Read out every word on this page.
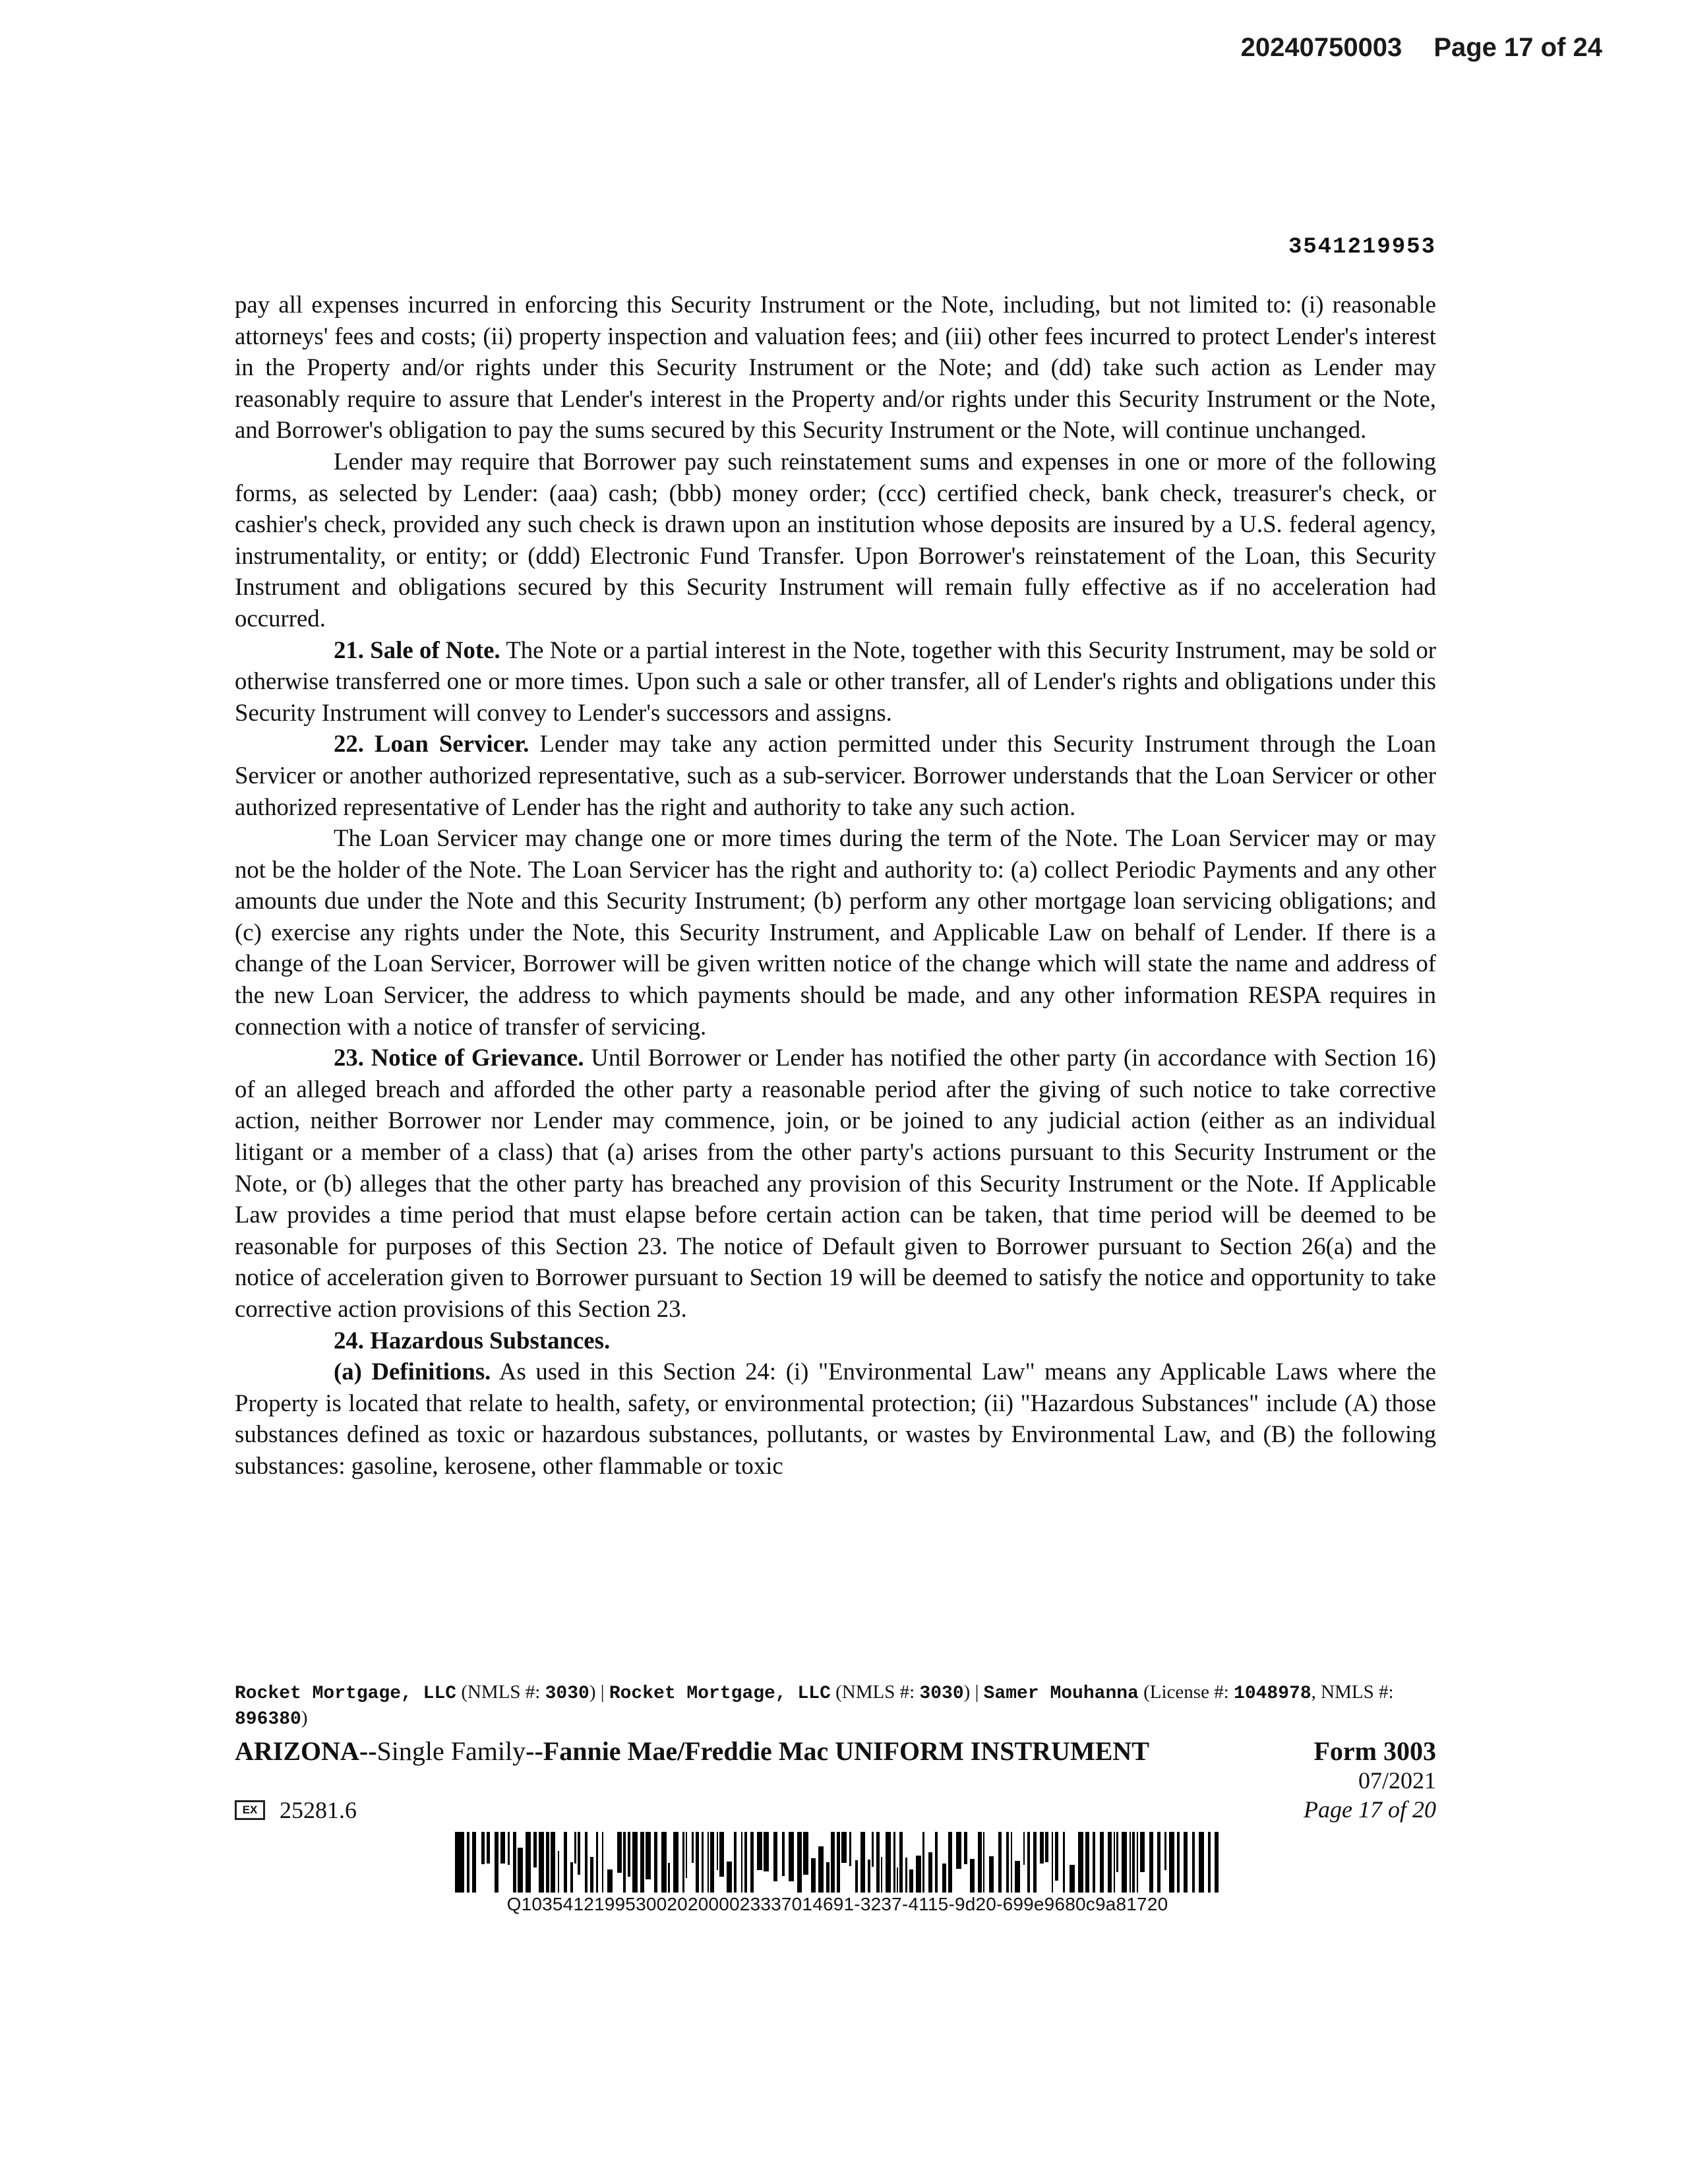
20240750003 Page 17 of 24
3541219953

pay all expenses incurred in enforcing this Security Instrument or the Note, including, but not limited to: (i) reasonable attorneys' fees and costs; (ii) property inspection and valuation fees; and (iii) other fees incurred to protect Lender's interest in the Property and/or rights under this Security Instrument or the Note; and (dd) take such action as Lender may reasonably require to assure that Lender's interest in the Property and/or rights under this Security Instrument or the Note, and Borrower's obligation to pay the sums secured by this Security Instrument or the Note, will continue unchanged.

Lender may require that Borrower pay such reinstatement sums and expenses in one or more of the following forms, as selected by Lender: (aaa) cash; (bbb) money order; (ccc) certified check, bank check, treasurer's check, or cashier's check, provided any such check is drawn upon an institution whose deposits are insured by a U.S. federal agency, instrumentality, or entity; or (ddd) Electronic Fund Transfer. Upon Borrower's reinstatement of the Loan, this Security Instrument and obligations secured by this Security Instrument will remain fully effective as if no acceleration had occurred.

21. Sale of Note. The Note or a partial interest in the Note, together with this Security Instrument, may be sold or otherwise transferred one or more times. Upon such a sale or other transfer, all of Lender's rights and obligations under this Security Instrument will convey to Lender's successors and assigns.

22. Loan Servicer. Lender may take any action permitted under this Security Instrument through the Loan Servicer or another authorized representative, such as a sub-servicer. Borrower understands that the Loan Servicer or other authorized representative of Lender has the right and authority to take any such action.

The Loan Servicer may change one or more times during the term of the Note. The Loan Servicer may or may not be the holder of the Note. The Loan Servicer has the right and authority to: (a) collect Periodic Payments and any other amounts due under the Note and this Security Instrument; (b) perform any other mortgage loan servicing obligations; and (c) exercise any rights under the Note, this Security Instrument, and Applicable Law on behalf of Lender. If there is a change of the Loan Servicer, Borrower will be given written notice of the change which will state the name and address of the new Loan Servicer, the address to which payments should be made, and any other information RESPA requires in connection with a notice of transfer of servicing.

23. Notice of Grievance. Until Borrower or Lender has notified the other party (in accordance with Section 16) of an alleged breach and afforded the other party a reasonable period after the giving of such notice to take corrective action, neither Borrower nor Lender may commence, join, or be joined to any judicial action (either as an individual litigant or a member of a class) that (a) arises from the other party's actions pursuant to this Security Instrument or the Note, or (b) alleges that the other party has breached any provision of this Security Instrument or the Note. If Applicable Law provides a time period that must elapse before certain action can be taken, that time period will be deemed to be reasonable for purposes of this Section 23. The notice of Default given to Borrower pursuant to Section 26(a) and the notice of acceleration given to Borrower pursuant to Section 19 will be deemed to satisfy the notice and opportunity to take corrective action provisions of this Section 23.

24. Hazardous Substances.

(a) Definitions. As used in this Section 24: (i) "Environmental Law" means any Applicable Laws where the Property is located that relate to health, safety, or environmental protection; (ii) "Hazardous Substances" include (A) those substances defined as toxic or hazardous substances, pollutants, or wastes by Environmental Law, and (B) the following substances: gasoline, kerosene, other flammable or toxic

Rocket Mortgage, LLC (NMLS #: 3030) | Rocket Mortgage, LLC (NMLS #: 3030) | Samer Mouhanna (License #: 1048978, NMLS #: 896380)
ARIZONA--Single Family--Fannie Mae/Freddie Mac UNIFORM INSTRUMENT	Form 3003
EX 25281.6
07/2021
Page 17 of 20
Q10354121995300202000023337014691-3237-4115-9d20-699e9680c9a81720
